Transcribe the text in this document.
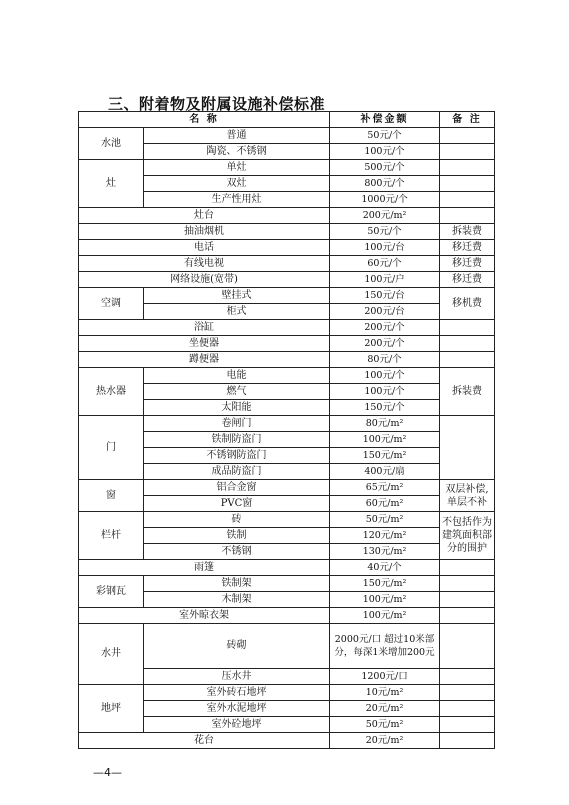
三、附着物及附属设施补偿标准
名 称		补偿金额	备 注
水池	普通	50元/个	
	陶瓷、不锈钢	100元/个	
灶	单灶	500元/个	
	双灶	800元/个	
	生产性用灶	1000元/个	
灶台		200元/m²	
抽油烟机		50元/个	拆装费
电话		100元/台	移迁费
有线电视		60元/个	移迁费
网络设施(宽带)		100元/户	移迁费
空调	壁挂式	150元/台	移机费
	柜式	200元/台	
浴缸		200元/个	
坐便器		200元/个	
蹲便器		80元/个	
热水器	电能	100元/个	拆装费
	燃气	100元/个	
	太阳能	150元/个	
门	卷闸门	80元/m²	
	铁制防盗门	100元/m²	
	不锈钢防盗门	150元/m²	
	成品防盗门	400元/扇	
窗	铝合金窗	65元/m²	双层补偿,单层不补
	PVC窗	60元/m²	
栏杆	砖	50元/m²	不包括作为建筑面积部分的围护
	铁制	120元/m²	
	不锈钢	130元/m²	
雨篷		40元/个	
彩钢瓦	铁制架	150元/m²	
	木制架	100元/m²	
室外晾衣架		100元/m²	
水井	砖砌	2000元/口 超过10米部分，每深1米增加200元	
	压水井	1200元/口	
地坪	室外砖石地坪	10元/m²	
	室外水泥地坪	20元/m²	
	室外砼地坪	50元/m²	
花台		20元/m²	
—4—
